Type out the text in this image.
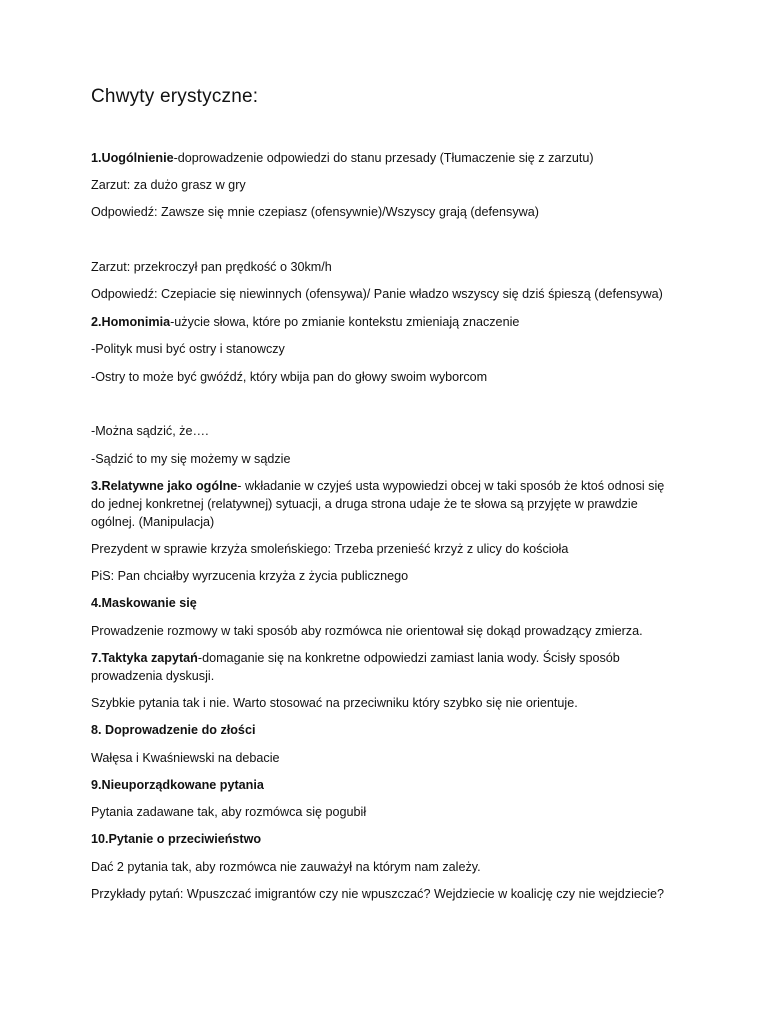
Chwyty erystyczne:
1.Uogólnienie-doprowadzenie odpowiedzi do stanu przesady (Tłumaczenie się z zarzutu)
Zarzut: za dużo grasz w gry
Odpowiedź: Zawsze się mnie czepiasz (ofensywnie)/Wszyscy grają (defensywa)
Zarzut: przekroczył pan prędkość o 30km/h
Odpowiedź: Czepiacie się niewinnych (ofensywa)/ Panie władzo wszyscy się dziś śpieszą (defensywa)
2.Homonimia-użycie słowa, które po zmianie kontekstu zmieniają znaczenie
-Polityk musi być ostry i stanowczy
-Ostry to może być gwóźdź, który wbija pan do głowy swoim wyborcom
-Można sądzić, że….
-Sądzić to my się możemy w sądzie
3.Relatywne jako ogólne- wkładanie w czyjeś usta wypowiedzi obcej w taki sposób że ktoś odnosi się do jednej konkretnej (relatywnej) sytuacji, a druga strona udaje że te słowa są przyjęte w prawdzie ogólnej. (Manipulacja)
Prezydent w sprawie krzyża smoleńskiego: Trzeba przenieść krzyż z ulicy do kościoła
PiS: Pan chciałby wyrzucenia krzyża z życia publicznego
4.Maskowanie się
Prowadzenie rozmowy w taki sposób aby rozmówca nie orientował się dokąd prowadzący zmierza.
7.Taktyka zapytań-domaganie się na konkretne odpowiedzi zamiast lania wody. Ścisły sposób prowadzenia dyskusji.
Szybkie pytania tak i nie. Warto stosować na przeciwniku który szybko się nie orientuje.
8. Doprowadzenie do złości
Wałęsa i Kwaśniewski na debacie
9.Nieuporządkowane pytania
Pytania zadawane tak, aby rozmówca się pogubił
10.Pytanie o przeciwieństwo
Dać 2 pytania tak, aby rozmówca nie zauważył na którym nam zależy.
Przykłady pytań: Wpuszczać imigrantów czy nie wpuszczać? Wejdziecie w koalicję czy nie wejdziecie?
